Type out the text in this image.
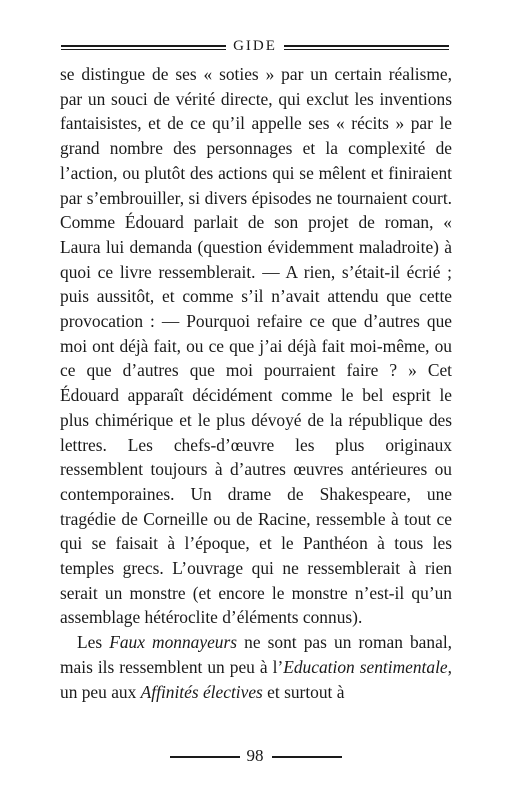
GIDE

se distingue de ses « soties » par un certain réalisme, par un souci de vérité directe, qui exclut les inventions fantaisistes, et de ce qu’il appelle ses « récits » par le grand nombre des personnages et la complexité de l’action, ou plutôt des actions qui se mêlent et finiraient par s’embrouiller, si divers épisodes ne tournaient court. Comme Édouard parlait de son projet de roman, « Laura lui demanda (question évidemment maladroite) à quoi ce livre ressemblerait. — A rien, s’était-il écrié ; puis aussitôt, et comme s’il n’avait attendu que cette provocation : — Pourquoi refaire ce que d’autres que moi ont déjà fait, ou ce que j’ai déjà fait moi-même, ou ce que d’autres que moi pourraient faire ? » Cet Édouard apparaît décidément comme le bel esprit le plus chimérique et le plus dévoyé de la république des lettres. Les chefs-d’œuvre les plus originaux ressemblent toujours à d’autres œuvres antérieures ou contemporaines. Un drame de Shakespeare, une tragédie de Corneille ou de Racine, ressemble à tout ce qui se faisait à l’époque, et le Panthéon à tous les temples grecs. L’ouvrage qui ne ressemblerait à rien serait un monstre (et encore le monstre n’est-il qu’un assemblage hétéroclite d’éléments connus).

Les Faux monnayeurs ne sont pas un roman banal, mais ils ressemblent un peu à l’Education sentimentale, un peu aux Affinités électives et surtout à

98
